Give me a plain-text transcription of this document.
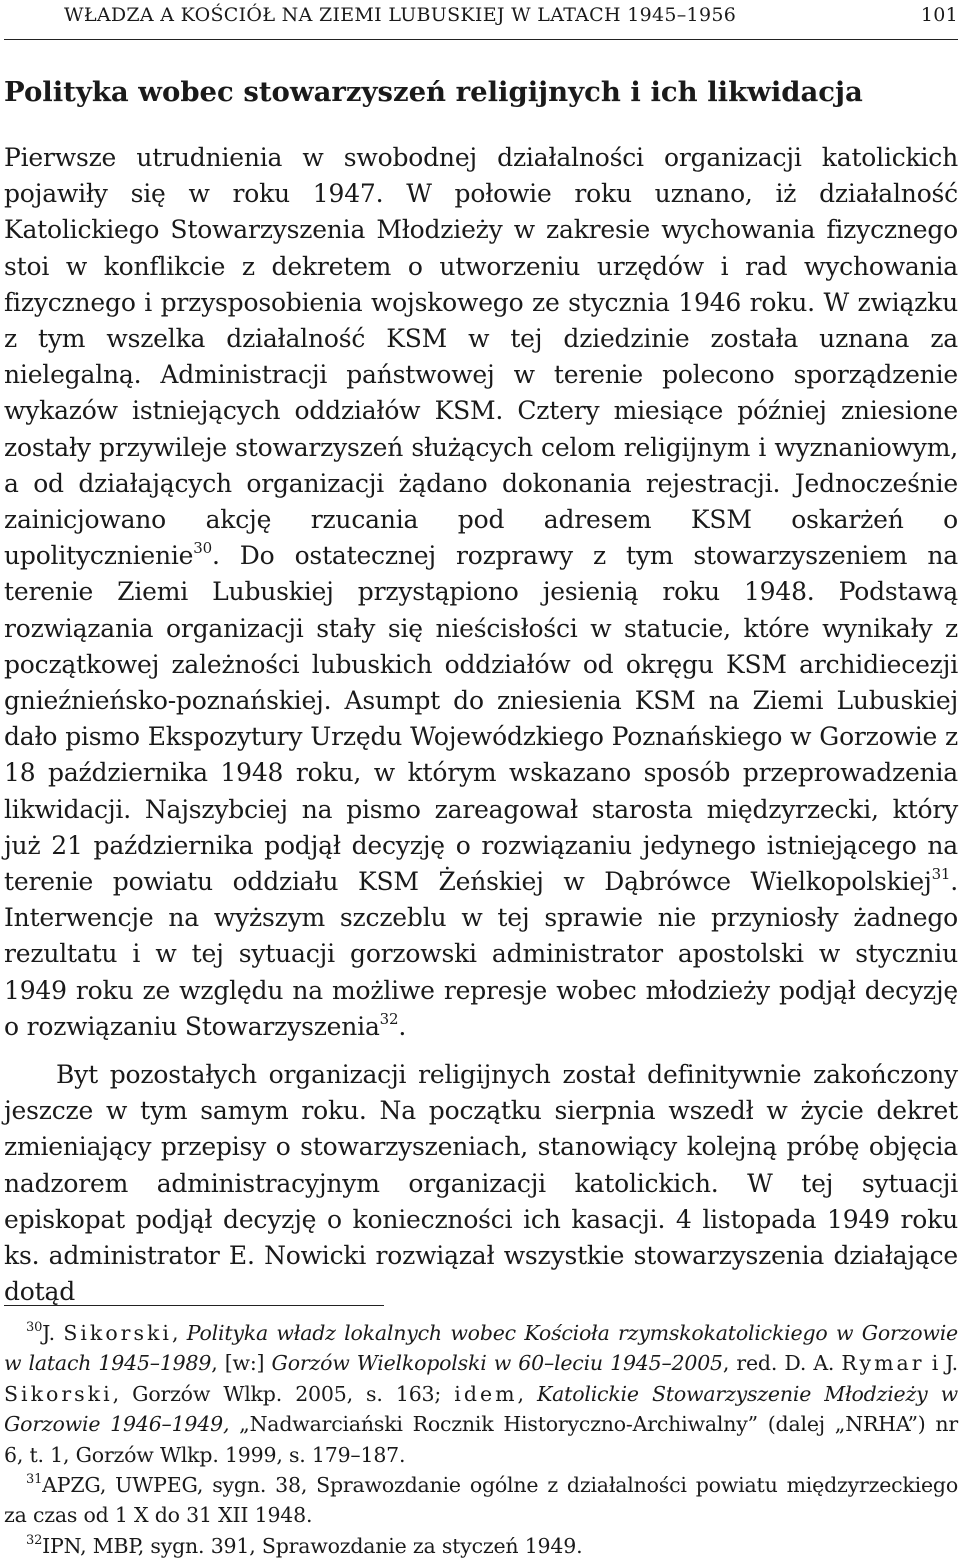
WŁADZA A KOŚCIÓŁ NA ZIEMI LUBUSKIEJ W LATACH 1945–1956	101
Polityka wobec stowarzyszeń religijnych i ich likwidacja

Pierwsze utrudnienia w swobodnej działalności organizacji katolickich pojawiły się w roku 1947. W połowie roku uznano, iż działalność Katolickiego Stowarzyszenia Młodzieży w zakresie wychowania fizycznego stoi w konflikcie z dekretem o utworzeniu urzędów i rad wychowania fizycznego i przysposobienia wojskowego ze stycznia 1946 roku. W związku z tym wszelka działalność KSM w tej dziedzinie została uznana za nielegalną. Administracji państwowej w terenie polecono sporządzenie wykazów istniejących oddziałów KSM. Cztery miesiące później zniesione zostały przywileje stowarzyszeń służących celom religijnym i wyznaniowym, a od działających organizacji żądano dokonania rejestracji. Jednocześnie zainicjowano akcję rzucania pod adresem KSM oskarżeń o upolitycznienie$^{30}$. Do ostatecznej rozprawy z tym stowarzyszeniem na terenie Ziemi Lubuskiej przystąpiono jesienią roku 1948. Podstawą rozwiązania organizacji stały się nieścisłości w statucie, które wynikały z początkowej zależności lubuskich oddziałów od okręgu KSM archidiecezji gnieźnieńsko-poznańskiej. Asumpt do zniesienia KSM na Ziemi Lubuskiej dało pismo Ekspozytury Urzędu Wojewódzkiego Poznańskiego w Gorzowie z 18 października 1948 roku, w którym wskazano sposób przeprowadzenia likwidacji. Najszybciej na pismo zareagował starosta międzyrzecki, który już 21 października podjął decyzję o rozwiązaniu jedynego istniejącego na terenie powiatu oddziału KSM Żeńskiej w Dąbrówce Wielkopolskiej$^{31}$. Interwencje na wyższym szczeblu w tej sprawie nie przyniosły żadnego rezultatu i w tej sytuacji gorzowski administrator apostolski w styczniu 1949 roku ze względu na możliwe represje wobec młodzieży podjął decyzję o rozwiązaniu Stowarzyszenia$^{32}$.

Byt pozostałych organizacji religijnych został definitywnie zakończony jeszcze w tym samym roku. Na początku sierpnia wszedł w życie dekret zmieniający przepisy o stowarzyszeniach, stanowiący kolejną próbę objęcia nadzorem administracyjnym organizacji katolickich. W tej sytuacji episkopat podjął decyzję o konieczności ich kasacji. 4 listopada 1949 roku ks. administrator E. Nowicki rozwiązał wszystkie stowarzyszenia działające dotąd

$^{30}$J. Sikorski, Polityka władz lokalnych wobec Kościoła rzymskokatolickiego w Gorzowie w latach 1945–1989, [w:] Gorzów Wielkopolski w 60–leciu 1945–2005, red. D. A. Rymar i J. Sikorski, Gorzów Wlkp. 2005, s. 163; idem, Katolickie Stowarzyszenie Młodzieży w Gorzowie 1946–1949, „Nadwarciański Rocznik Historyczno-Archiwalny” (dalej „NRHA”) nr 6, t. 1, Gorzów Wlkp. 1999, s. 179–187.

$^{31}$APZG, UWPEG, sygn. 38, Sprawozdanie ogólne z działalności powiatu międzyrzeckiego za czas od 1 X do 31 XII 1948.

$^{32}$IPN, MBP, sygn. 391, Sprawozdanie za styczeń 1949.
